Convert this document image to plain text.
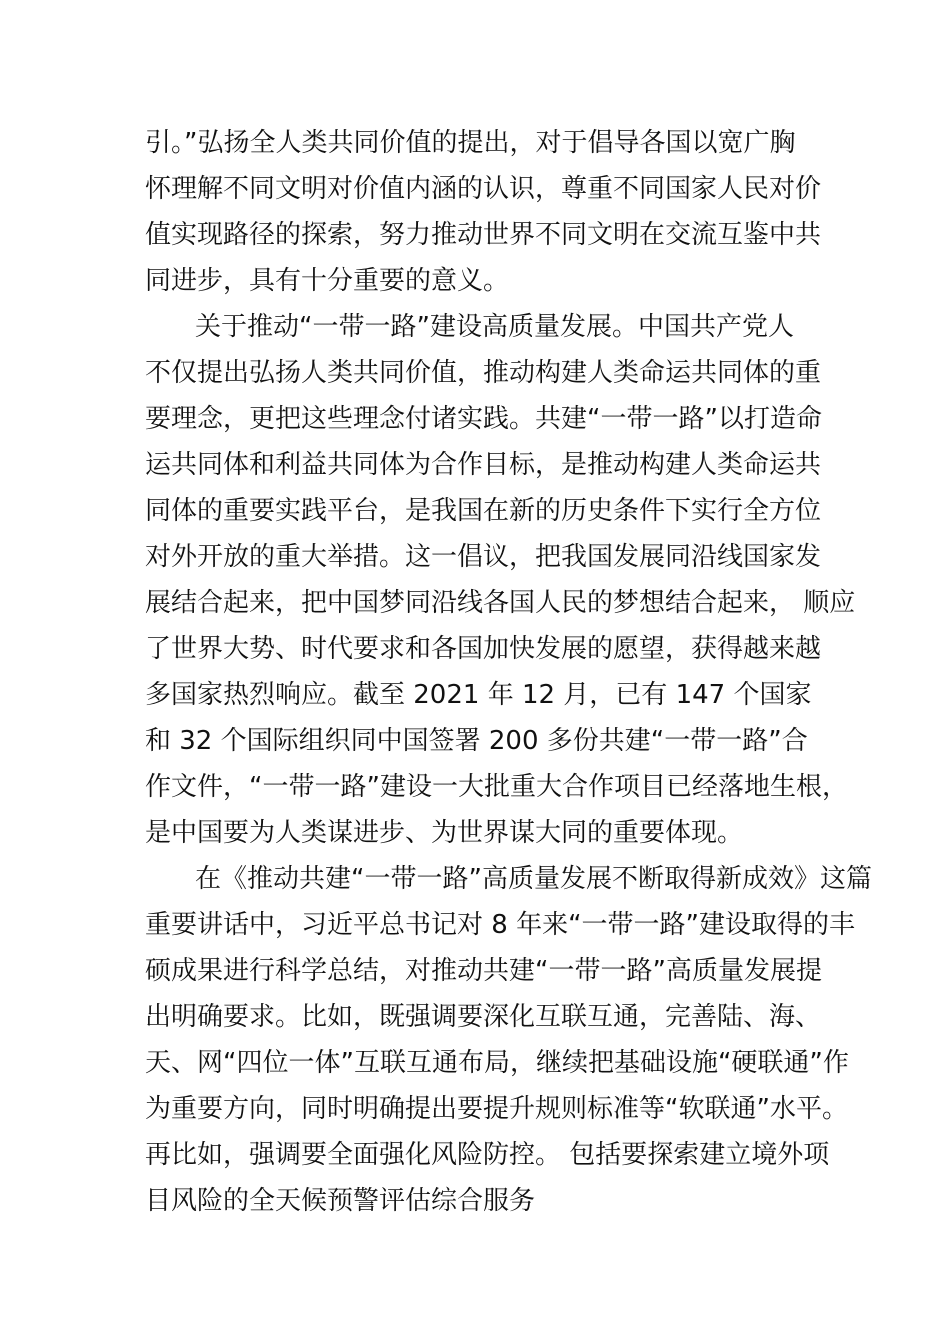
引。”弘扬全人类共同价值的提出，对于倡导各国以宽广胸
怀理解不同文明对价值内涵的认识，尊重不同国家人民对价
值实现路径的探索，努力推动世界不同文明在交流互鉴中共
同进步，具有十分重要的意义。
关于推动“一带一路”建设高质量发展。中国共产党人
不仅提出弘扬人类共同价值，推动构建人类命运共同体的重
要理念，更把这些理念付诸实践。共建“一带一路”以打造命
运共同体和利益共同体为合作目标，是推动构建人类命运共
同体的重要实践平台，是我国在新的历史条件下实行全方位
对外开放的重大举措。这一倡议，把我国发展同沿线国家发
展结合起来，把中国梦同沿线各国人民的梦想结合起来， 顺应
了世界大势、时代要求和各国加快发展的愿望，获得越来越
多国家热烈响应。截至 2021 年 12 月，已有 147 个国家
和 32 个国际组织同中国签署 200 多份共建“一带一路”合
作文件，“一带一路”建设一大批重大合作项目已经落地生根，
是中国要为人类谋进步、为世界谋大同的重要体现。
在《推动共建“一带一路”高质量发展不断取得新成效》这篇
重要讲话中，习近平总书记对 8 年来“一带一路”建设取得的丰
硕成果进行科学总结，对推动共建“一带一路”高质量发展提
出明确要求。比如，既强调要深化互联互通，完善陆、海、
天、网“四位一体”互联互通布局，继续把基础设施“硬联通”作
为重要方向，同时明确提出要提升规则标准等“软联通”水平。
再比如，强调要全面强化风险防控。 包括要探索建立境外项
目风险的全天候预警评估综合服务
